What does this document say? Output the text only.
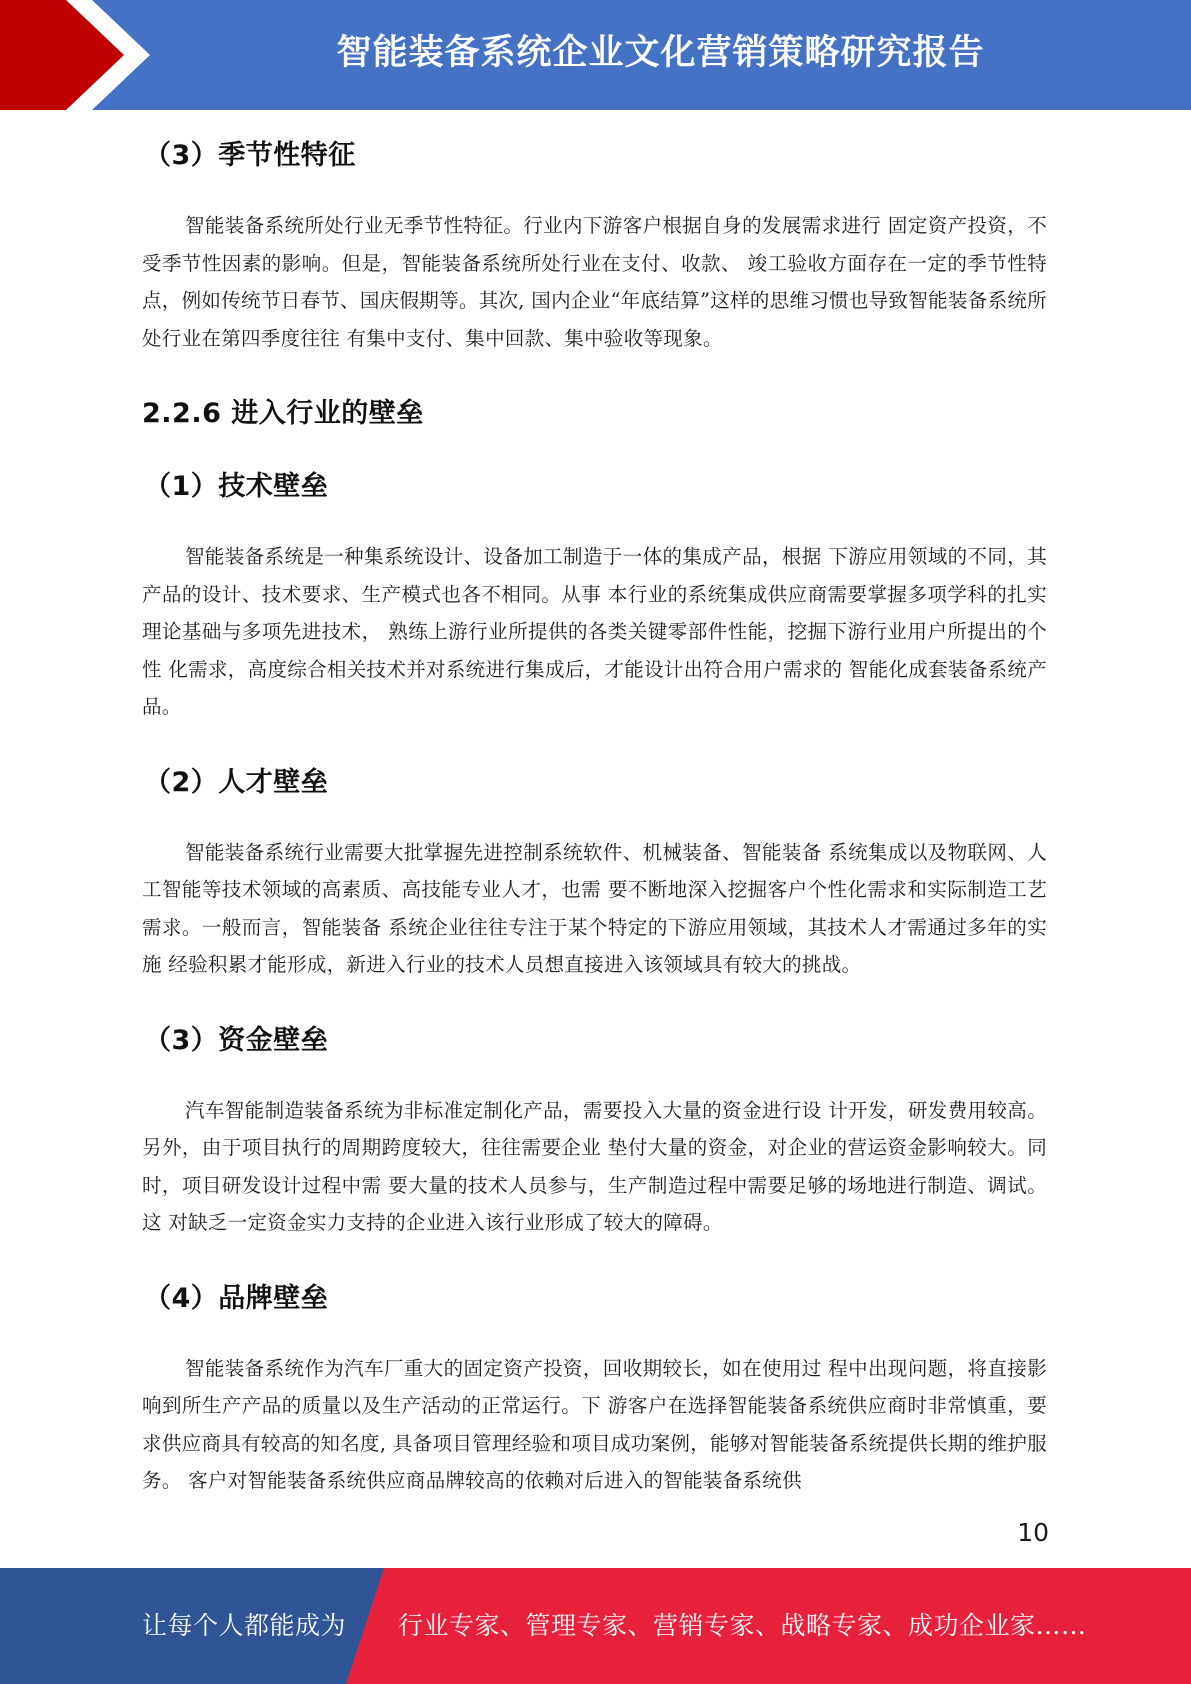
智能装备系统企业文化营销策略研究报告
（3）季节性特征

智能装备系统所处行业无季节性特征。行业内下游客户根据自身的发展需求进行 固定资产投资，不受季节性因素的影响。但是，智能装备系统所处行业在支付、收款、 竣工验收方面存在一定的季节性特点，例如传统节日春节、国庆假期等。其次, 国内企业“年底结算”这样的思维习惯也导致智能装备系统所处行业在第四季度往往 有集中支付、集中回款、集中验收等现象。

2.2.6 进入行业的壁垒
（1）技术壁垒

智能装备系统是一种集系统设计、设备加工制造于一体的集成产品，根据 下游应用领域的不同，其产品的设计、技术要求、生产模式也各不相同。从事 本行业的系统集成供应商需要掌握多项学科的扎实理论基础与多项先进技术， 熟练上游行业所提供的各类关键零部件性能，挖掘下游行业用户所提出的个性 化需求，高度综合相关技术并对系统进行集成后，才能设计出符合用户需求的 智能化成套装备系统产品。

（2）人才壁垒

智能装备系统行业需要大批掌握先进控制系统软件、机械装备、智能装备 系统集成以及物联网、人工智能等技术领域的高素质、高技能专业人才，也需 要不断地深入挖掘客户个性化需求和实际制造工艺需求。一般而言，智能装备 系统企业往往专注于某个特定的下游应用领域，其技术人才需通过多年的实施 经验积累才能形成，新进入行业的技术人员想直接进入该领域具有较大的挑战。

（3）资金壁垒

汽车智能制造装备系统为非标准定制化产品，需要投入大量的资金进行设 计开发，研发费用较高。另外，由于项目执行的周期跨度较大，往往需要企业 垫付大量的资金，对企业的营运资金影响较大。同时，项目研发设计过程中需 要大量的技术人员参与，生产制造过程中需要足够的场地进行制造、调试。这 对缺乏一定资金实力支持的企业进入该行业形成了较大的障碍。

（4）品牌壁垒

智能装备系统作为汽车厂重大的固定资产投资，回收期较长，如在使用过 程中出现问题，将直接影响到所生产产品的质量以及生产活动的正常运行。下 游客户在选择智能装备系统供应商时非常慎重，要求供应商具有较高的知名度, 具备项目管理经验和项目成功案例，能够对智能装备系统提供长期的维护服务。 客户对智能装备系统供应商品牌较高的依赖对后进入的智能装备系统供

10
让每个人都能成为 行业专家、管理专家、营销专家、战略专家、成功企业家……
